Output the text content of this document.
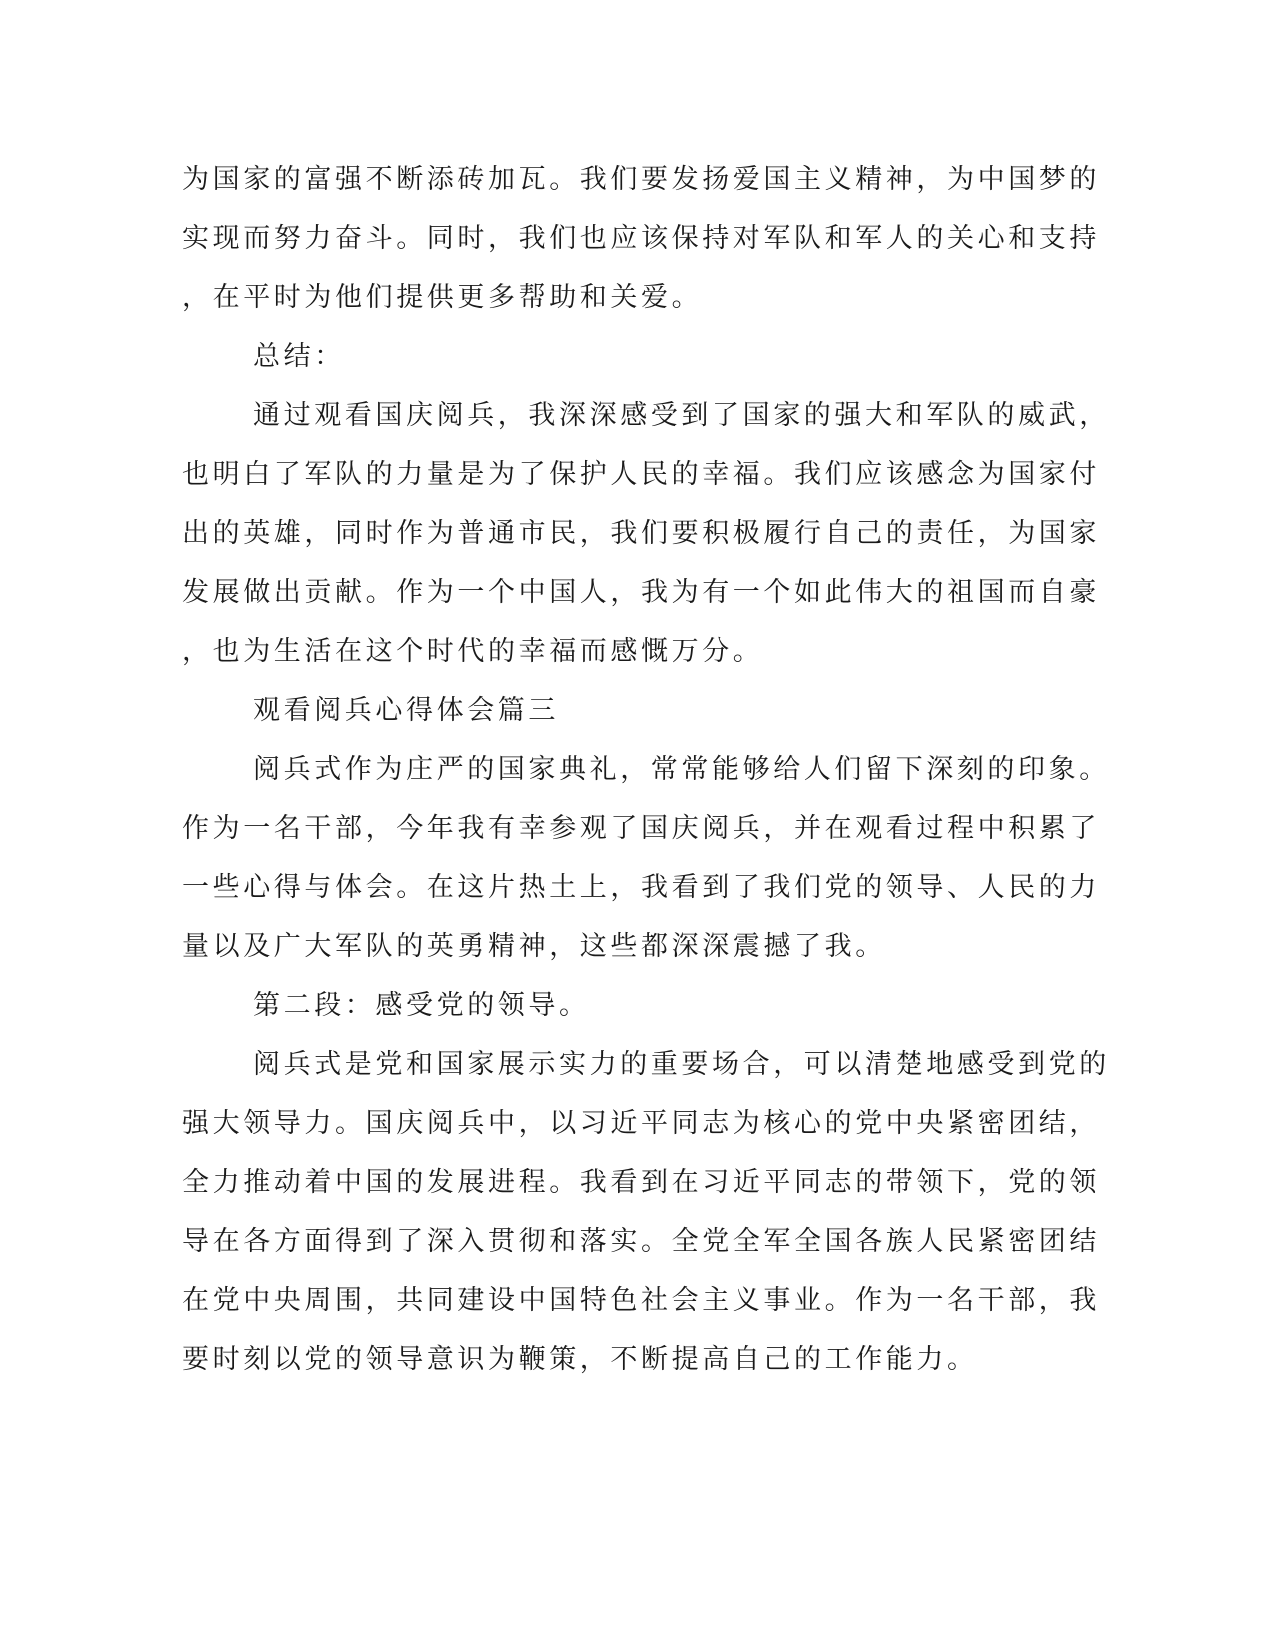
为国家的富强不断添砖加瓦。我们要发扬爱国主义精神，为中国梦的
实现而努力奋斗。同时，我们也应该保持对军队和军人的关心和支持
，在平时为他们提供更多帮助和关爱。
总结：
通过观看国庆阅兵，我深深感受到了国家的强大和军队的威武，
也明白了军队的力量是为了保护人民的幸福。我们应该感念为国家付
出的英雄，同时作为普通市民，我们要积极履行自己的责任，为国家
发展做出贡献。作为一个中国人，我为有一个如此伟大的祖国而自豪
，也为生活在这个时代的幸福而感慨万分。
观看阅兵心得体会篇三
阅兵式作为庄严的国家典礼，常常能够给人们留下深刻的印象。
作为一名干部，今年我有幸参观了国庆阅兵，并在观看过程中积累了
一些心得与体会。在这片热土上，我看到了我们党的领导、人民的力
量以及广大军队的英勇精神，这些都深深震撼了我。
第二段：感受党的领导。
阅兵式是党和国家展示实力的重要场合，可以清楚地感受到党的
强大领导力。国庆阅兵中，以习近平同志为核心的党中央紧密团结，
全力推动着中国的发展进程。我看到在习近平同志的带领下，党的领
导在各方面得到了深入贯彻和落实。全党全军全国各族人民紧密团结
在党中央周围，共同建设中国特色社会主义事业。作为一名干部，我
要时刻以党的领导意识为鞭策，不断提高自己的工作能力。
